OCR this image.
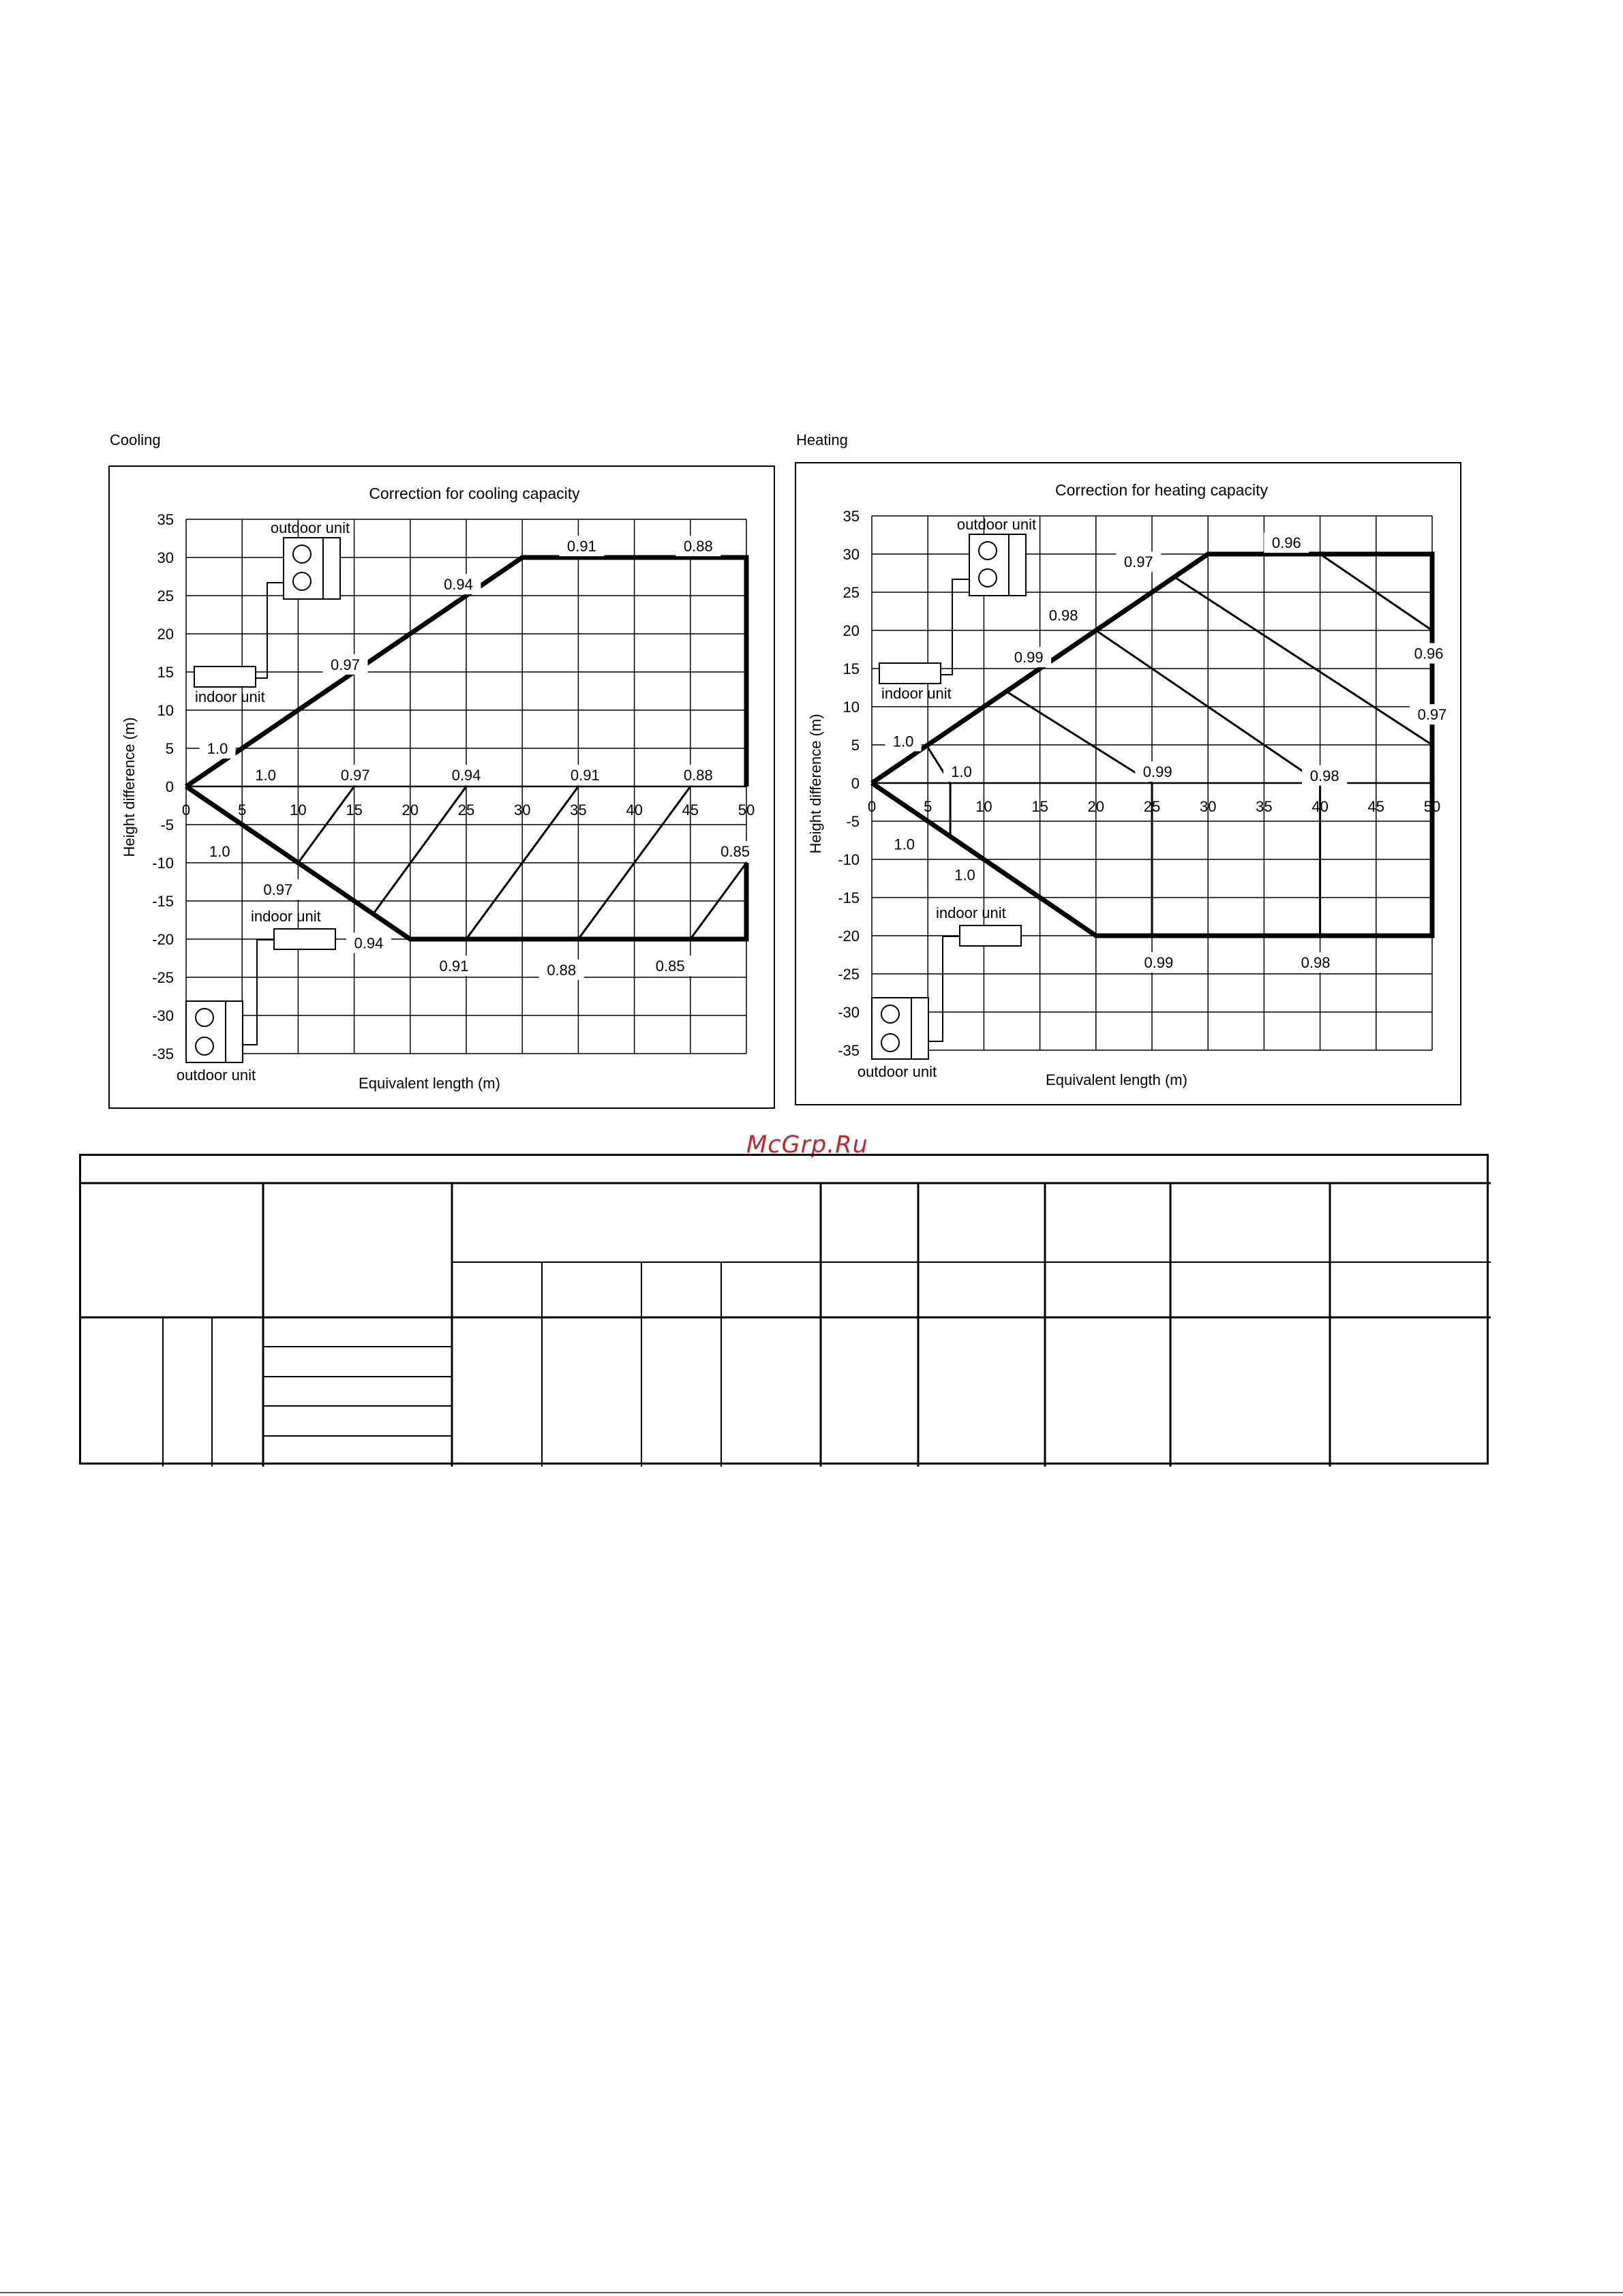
Cooling	Heating
Correction for cooling capacity
35
30
25
20
15
10
5
0
-5
-10
-15
-20
-25
-30
-35
0	5	10	15	20	25	30	35	40	45	50
1.0
0.97
0.94
0.91	0.88
1.0	0.97	0.94	0.91	0.88
1.0
0.97
0.94
0.91	0.88	0.85
0.85
outdoor unit
indoor unit
indoor unit
outdoor unit	Equivalent length (m)
Height difference (m)
Correction for heating capacity
35
30
25
20
15
10
5
0
-5
-10
-15
-20
-25
-30
-35
0	5	10	15	20	25	30	35	40	45	50
1.0
0.99
0.98
0.97
0.96
0.96
0.97
1.0	0.99	0.98
1.0
1.0
0.99	0.98
outdoor unit
indoor unit
indoor unit
outdoor unit	Equivalent length (m)
Height difference (m)
McGrp.Ru
